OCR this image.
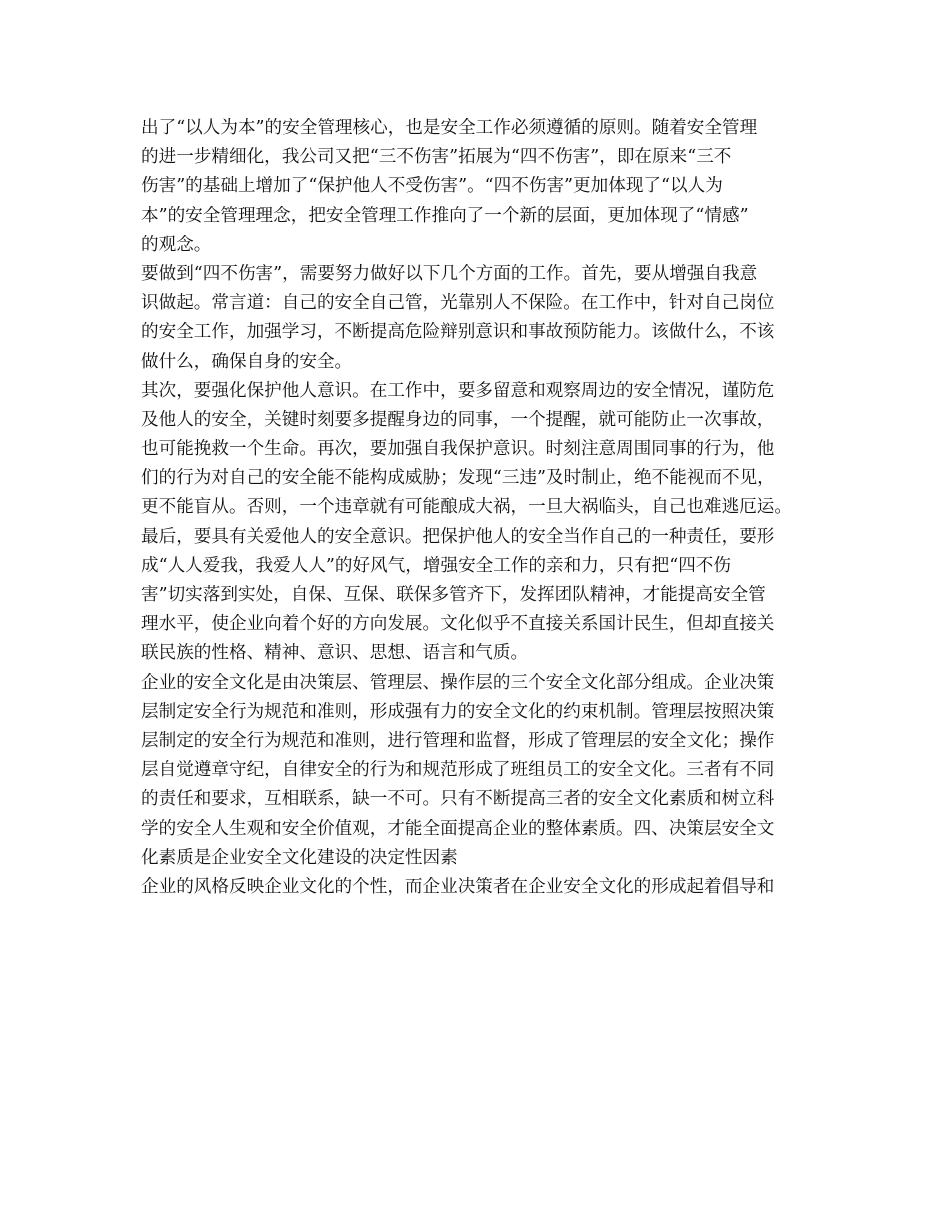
出了“以人为本”的安全管理核心，也是安全工作必须遵循的原则。随着安全管理
的进一步精细化，我公司又把“三不伤害”拓展为“四不伤害”，即在原来“三不
伤害”的基础上增加了“保护他人不受伤害”。“四不伤害”更加体现了“以人为
本”的安全管理理念，把安全管理工作推向了一个新的层面，更加体现了“情感”
的观念。
要做到“四不伤害”，需要努力做好以下几个方面的工作。首先，要从增强自我意
识做起。常言道：自己的安全自己管，光靠别人不保险。在工作中，针对自己岗位
的安全工作，加强学习，不断提高危险辩别意识和事故预防能力。该做什么，不该
做什么，确保自身的安全。
其次，要强化保护他人意识。在工作中，要多留意和观察周边的安全情况，谨防危
及他人的安全，关键时刻要多提醒身边的同事，一个提醒，就可能防止一次事故，
也可能挽救一个生命。再次，要加强自我保护意识。时刻注意周围同事的行为，他
们的行为对自己的安全能不能构成威胁；发现“三违”及时制止，绝不能视而不见，
更不能盲从。否则，一个违章就有可能酿成大祸，一旦大祸临头，自己也难逃厄运。
最后，要具有关爱他人的安全意识。把保护他人的安全当作自己的一种责任，要形
成“人人爱我，我爱人人”的好风气，增强安全工作的亲和力，只有把“四不伤
害”切实落到实处，自保、互保、联保多管齐下，发挥团队精神，才能提高安全管
理水平，使企业向着个好的方向发展。文化似乎不直接关系国计民生，但却直接关
联民族的性格、精神、意识、思想、语言和气质。
企业的安全文化是由决策层、管理层、操作层的三个安全文化部分组成。企业决策
层制定安全行为规范和准则，形成强有力的安全文化的约束机制。管理层按照决策
层制定的安全行为规范和准则，进行管理和监督，形成了管理层的安全文化；操作
层自觉遵章守纪，自律安全的行为和规范形成了班组员工的安全文化。三者有不同
的责任和要求，互相联系，缺一不可。只有不断提高三者的安全文化素质和树立科
学的安全人生观和安全价值观，才能全面提高企业的整体素质。四、决策层安全文
化素质是企业安全文化建设的决定性因素
企业的风格反映企业文化的个性，而企业决策者在企业安全文化的形成起着倡导和
